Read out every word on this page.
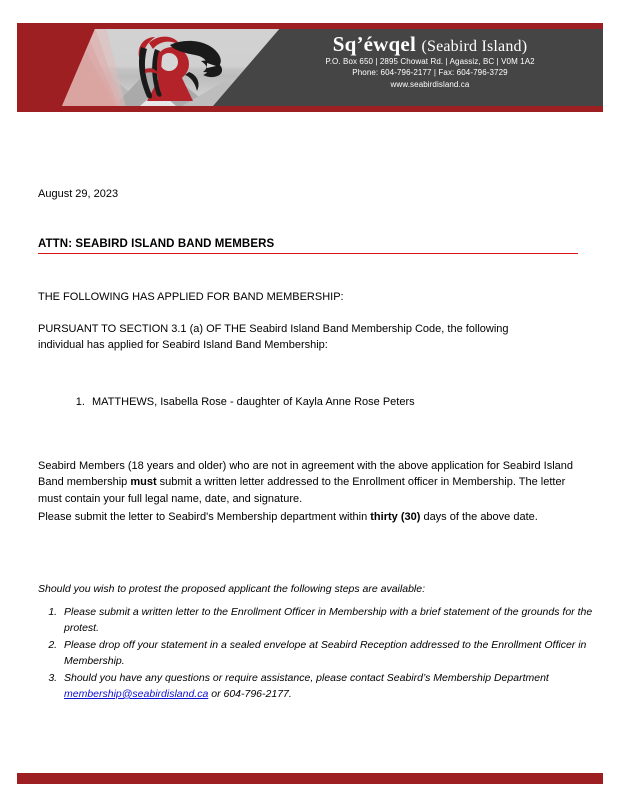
Sq’éwqel (Seabird Island)
P.O. Box 650 | 2895 Chowat Rd. | Agassiz, BC | V0M 1A2
Phone: 604-796-2177 | Fax: 604-796-3729
www.seabirdisland.ca
August 29, 2023
ATTN: SEABIRD ISLAND BAND MEMBERS
THE FOLLOWING HAS APPLIED FOR BAND MEMBERSHIP:
PURSUANT TO SECTION 3.1 (a) OF THE Seabird Island Band Membership Code, the following individual has applied for Seabird Island Band Membership:
1. MATTHEWS, Isabella Rose - daughter of Kayla Anne Rose Peters
Seabird Members (18 years and older) who are not in agreement with the above application for Seabird Island Band membership must submit a written letter addressed to the Enrollment officer in Membership. The letter must contain your full legal name, date, and signature.
Please submit the letter to Seabird's Membership department within thirty (30) days of the above date.
Should you wish to protest the proposed applicant the following steps are available:
1. Please submit a written letter to the Enrollment Officer in Membership with a brief statement of the grounds for the protest.
2. Please drop off your statement in a sealed envelope at Seabird Reception addressed to the Enrollment Officer in Membership.
3. Should you have any questions or require assistance, please contact Seabird’s Membership Department membership@seabirdisland.ca or 604-796-2177.
